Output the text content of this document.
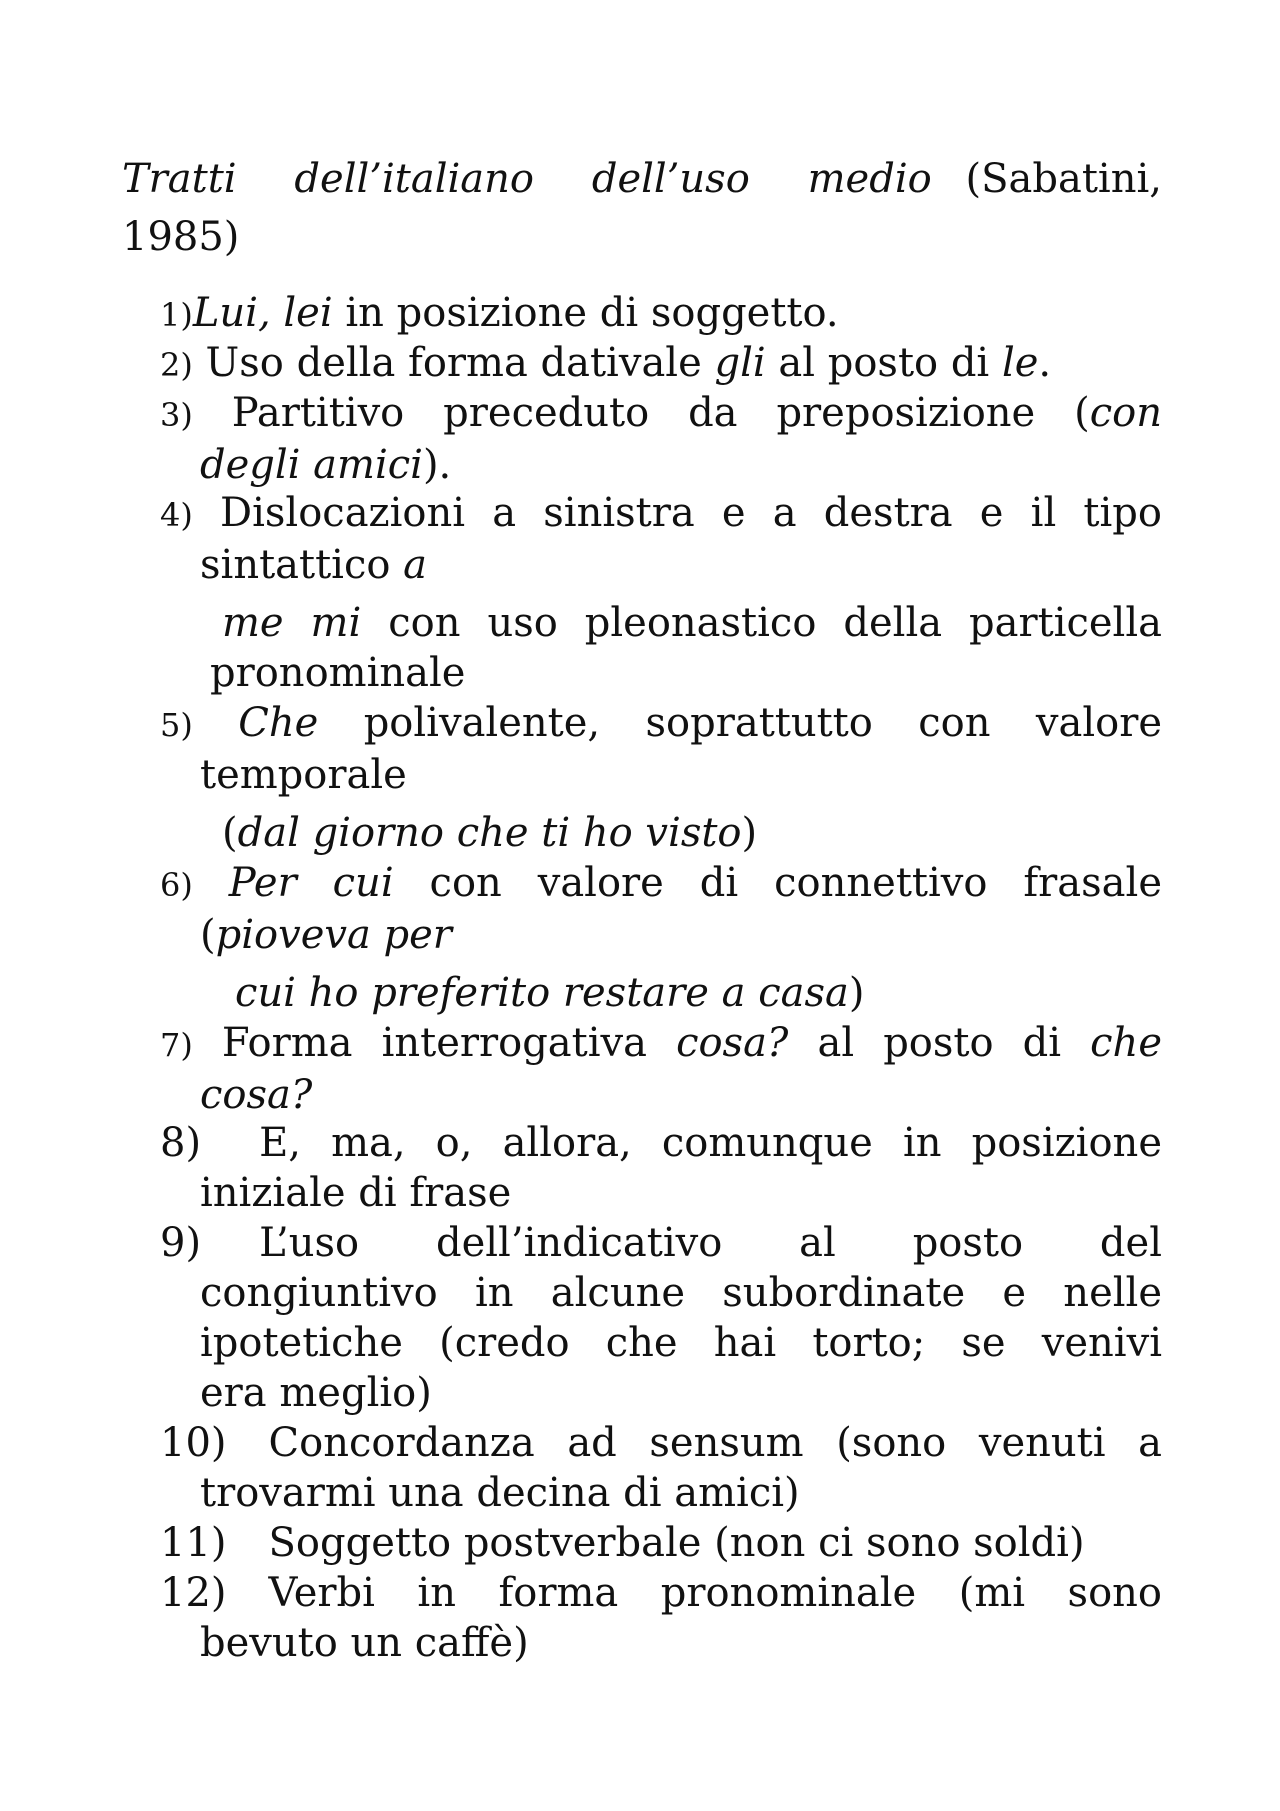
Tratti dell’italiano dell’uso medio (Sabatini, 1985)
1)Lui, lei in posizione di soggetto.
2) Uso della forma dativale gli al posto di le.
3) Partitivo preceduto da preposizione (con
degli amici).
4) Dislocazioni a sinistra e a destra e il tipo
sintattico a
me mi con uso pleonastico della particella
pronominale
5) Che polivalente, soprattutto con valore
temporale
(dal giorno che ti ho visto)
6) Per cui con valore di connettivo frasale
(pioveva per
cui ho preferito restare a casa)
7) Forma interrogativa cosa? al posto di che
cosa?
8) E, ma, o, allora, comunque in posizione
iniziale di frase
9) L’uso dell’indicativo al posto del
congiuntivo in alcune subordinate e nelle
ipotetiche (credo che hai torto; se venivi
era meglio)
10) Concordanza ad sensum (sono venuti a
trovarmi una decina di amici)
11) Soggetto postverbale (non ci sono soldi)
12) Verbi in forma pronominale (mi sono
bevuto un caffè)
